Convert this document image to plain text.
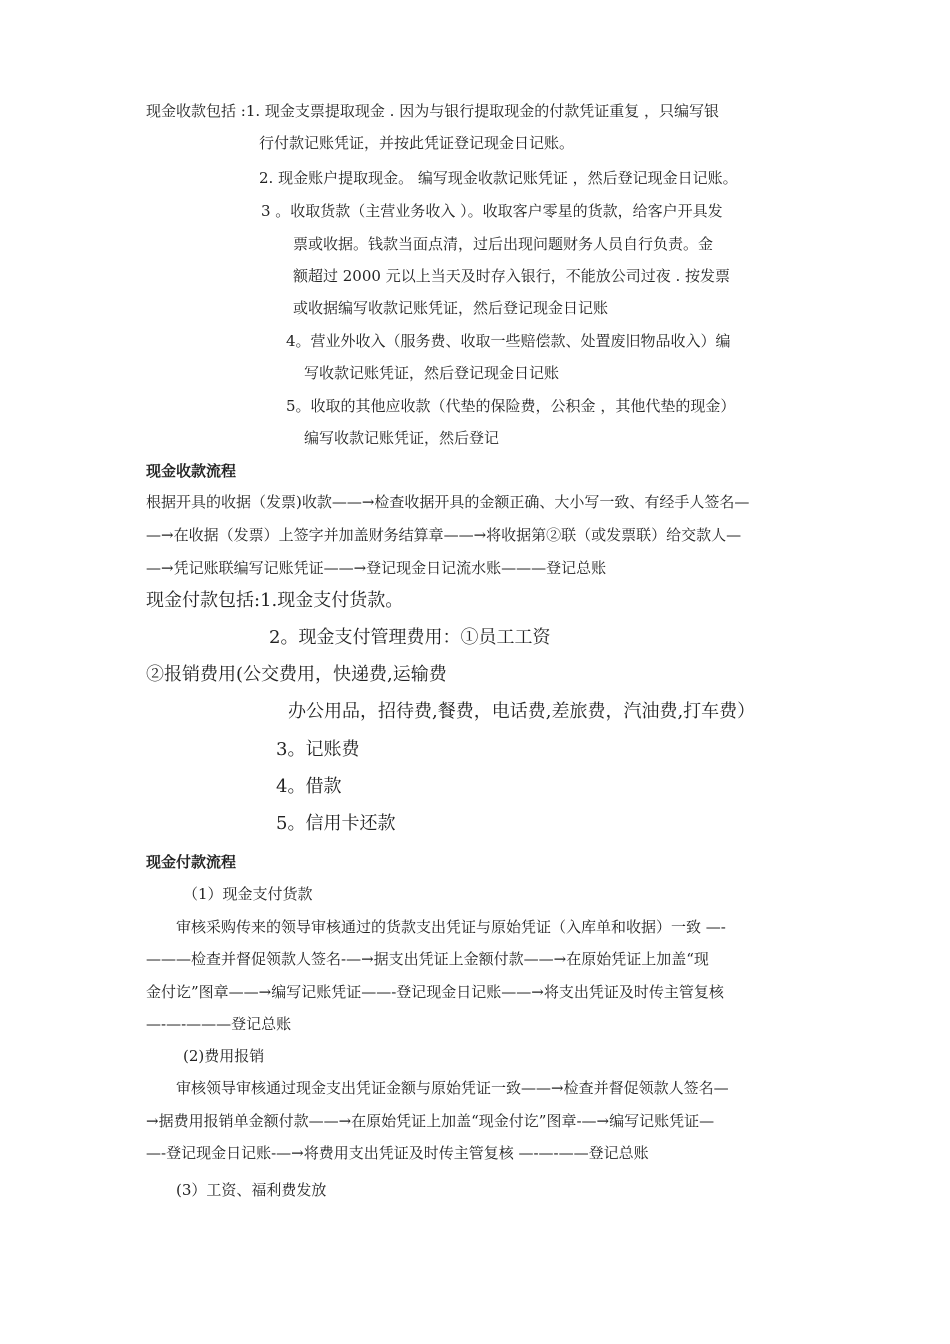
现金收款包括 :1. 现金支票提取现金 . 因为与银行提取现金的付款凭证重复 ，只编写银
行付款记账凭证，并按此凭证登记现金日记账。
2. 现金账户提取现金。 编写现金收款记账凭证 ，然后登记现金日记账。
3 。收取货款（主营业务收入 ）。收取客户零星的货款，给客户开具发
票或收据。钱款当面点清，过后出现问题财务人员自行负责。金
额超过 2000 元以上当天及时存入银行，不能放公司过夜 . 按发票
或收据编写收款记账凭证，然后登记现金日记账
4。营业外收入（服务费、收取一些赔偿款、处置废旧物品收入）编
写收款记账凭证，然后登记现金日记账
5。收取的其他应收款（代垫的保险费，公积金 ，其他代垫的现金）
编写收款记账凭证，然后登记
现金收款流程
根据开具的收据（发票)收款——→检查收据开具的金额正确、大小写一致、有经手人签名—
—→在收据（发票）上签字并加盖财务结算章——→将收据第②联（或发票联）给交款人—
—→凭记账联编写记账凭证——→登记现金日记流水账———登记总账
现金付款包括:1.现金支付货款。
2。现金支付管理费用：①员工工资
②报销费用(公交费用，快递费,运输费
办公用品，招待费,餐费，电话费,差旅费，汽油费,打车费）
3。记账费
4。借款
5。信用卡还款
现金付款流程
（1）现金支付货款
审核采购传来的领导审核通过的货款支出凭证与原始凭证（入库单和收据）一致 —-
———检查并督促领款人签名-—→据支出凭证上金额付款——→在原始凭证上加盖“现
金付讫”图章——→编写记账凭证——-登记现金日记账——→将支出凭证及时传主管复核
—-—-———登记总账
(2)费用报销
审核领导审核通过现金支出凭证金额与原始凭证一致——→检查并督促领款人签名—
→据费用报销单金额付款——→在原始凭证上加盖“现金付讫”图章-—→编写记账凭证—
—-登记现金日记账-—→将费用支出凭证及时传主管复核 —-—-——登记总账
(3）工资、福利费发放
